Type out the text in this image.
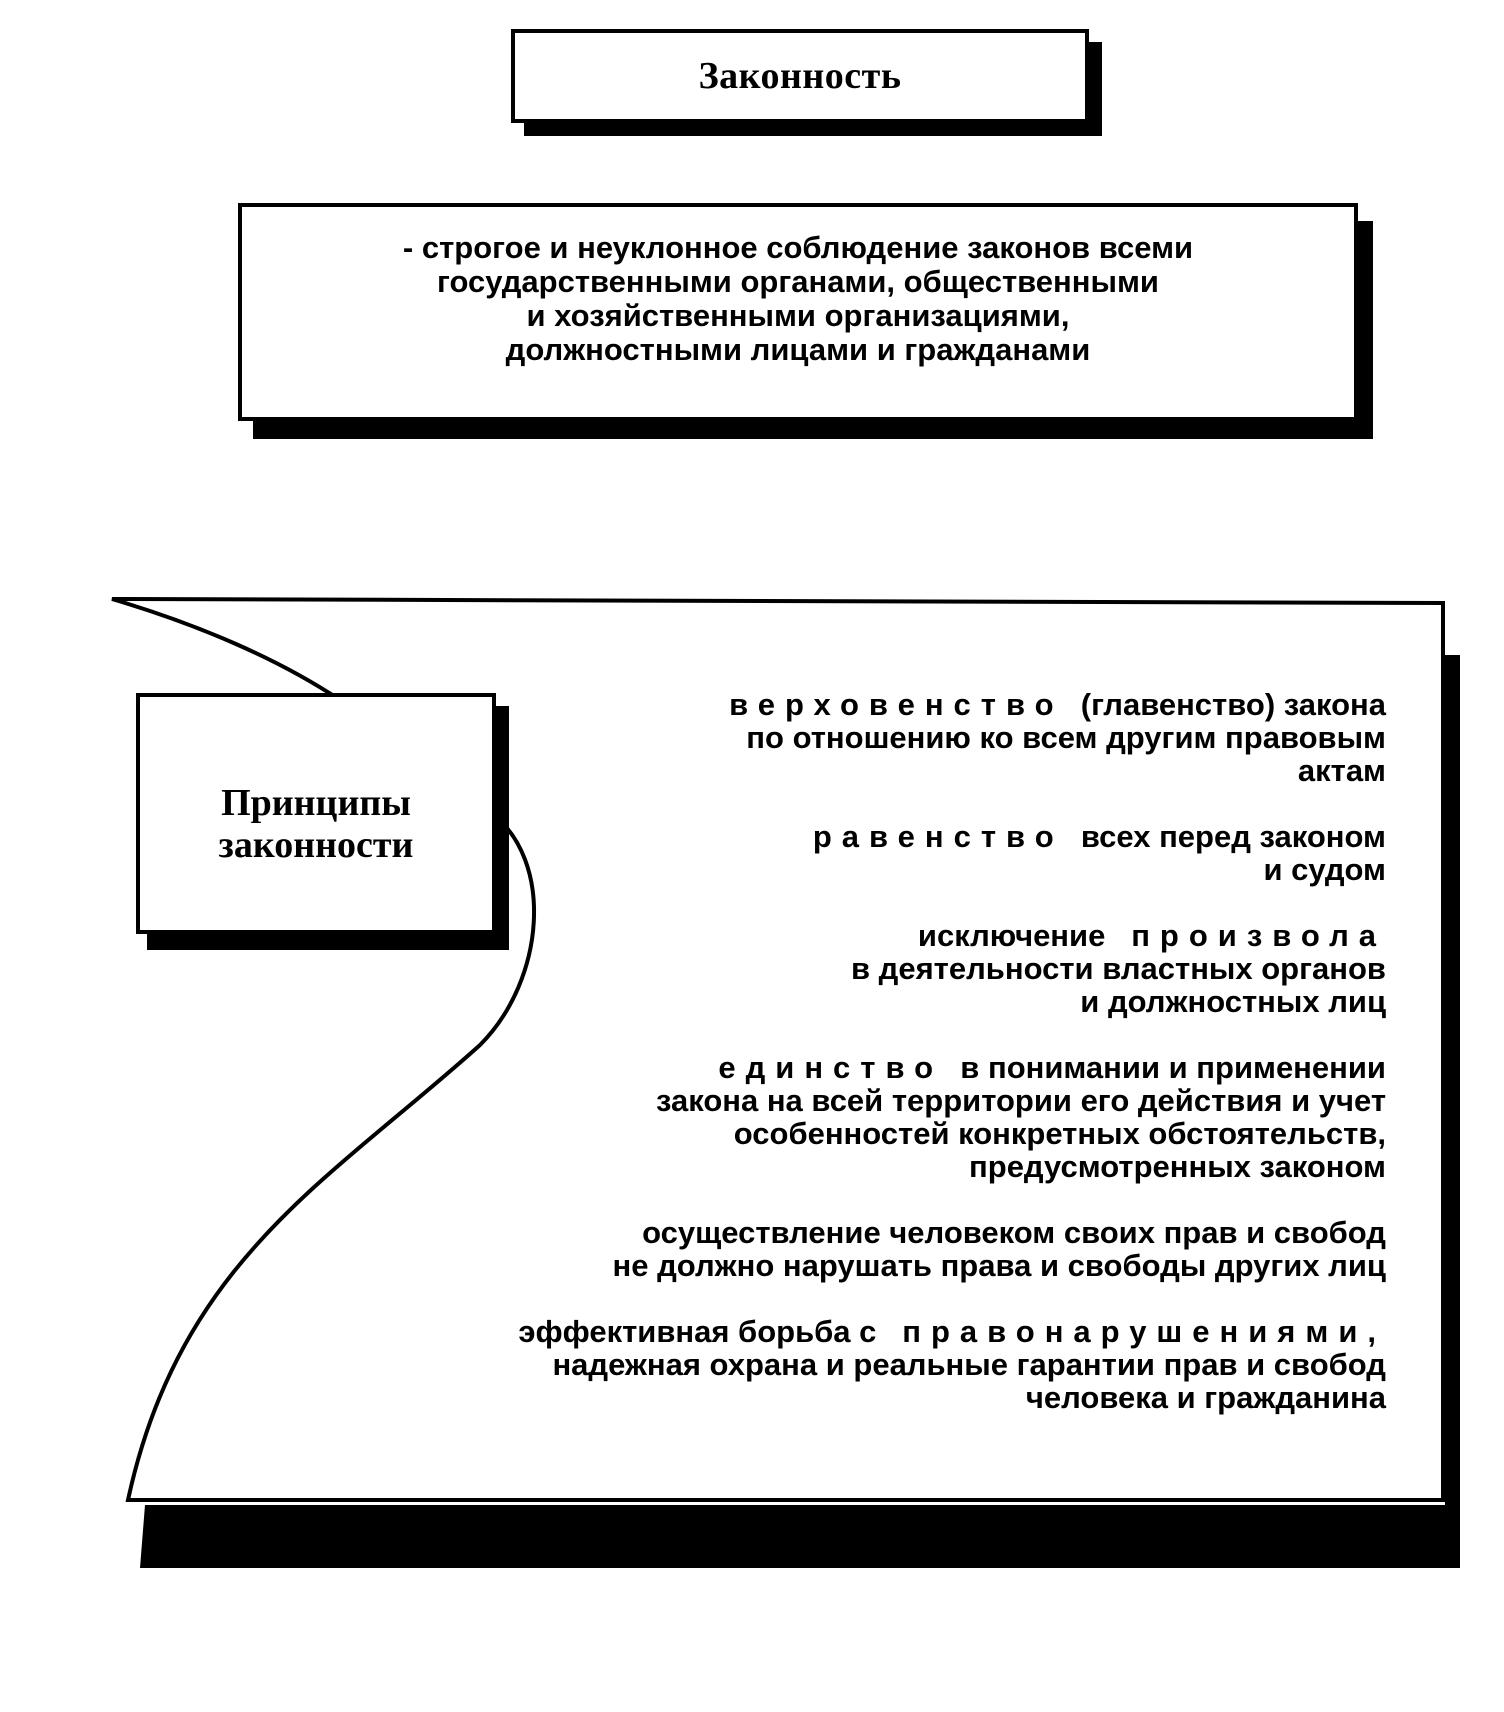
Законность
- строгое и неуклонное соблюдение законов всеми
государственными органами, общественными
и хозяйственными организациями,
должностными лицами и гражданами
Принципы
законности
верховенство (главенство) закона
по отношению ко всем другим правовым
актам
равенство всех перед законом
и судом
исключение произвола
в деятельности властных органов
и должностных лиц
единство в понимании и применении
закона на всей территории его действия и учет
особенностей конкретных обстоятельств,
предусмотренных законом
осуществление человеком своих прав и свобод
не должно нарушать права и свободы других лиц
эффективная борьба с правонарушениями,
надежная охрана и реальные гарантии прав и свобод
человека и гражданина
